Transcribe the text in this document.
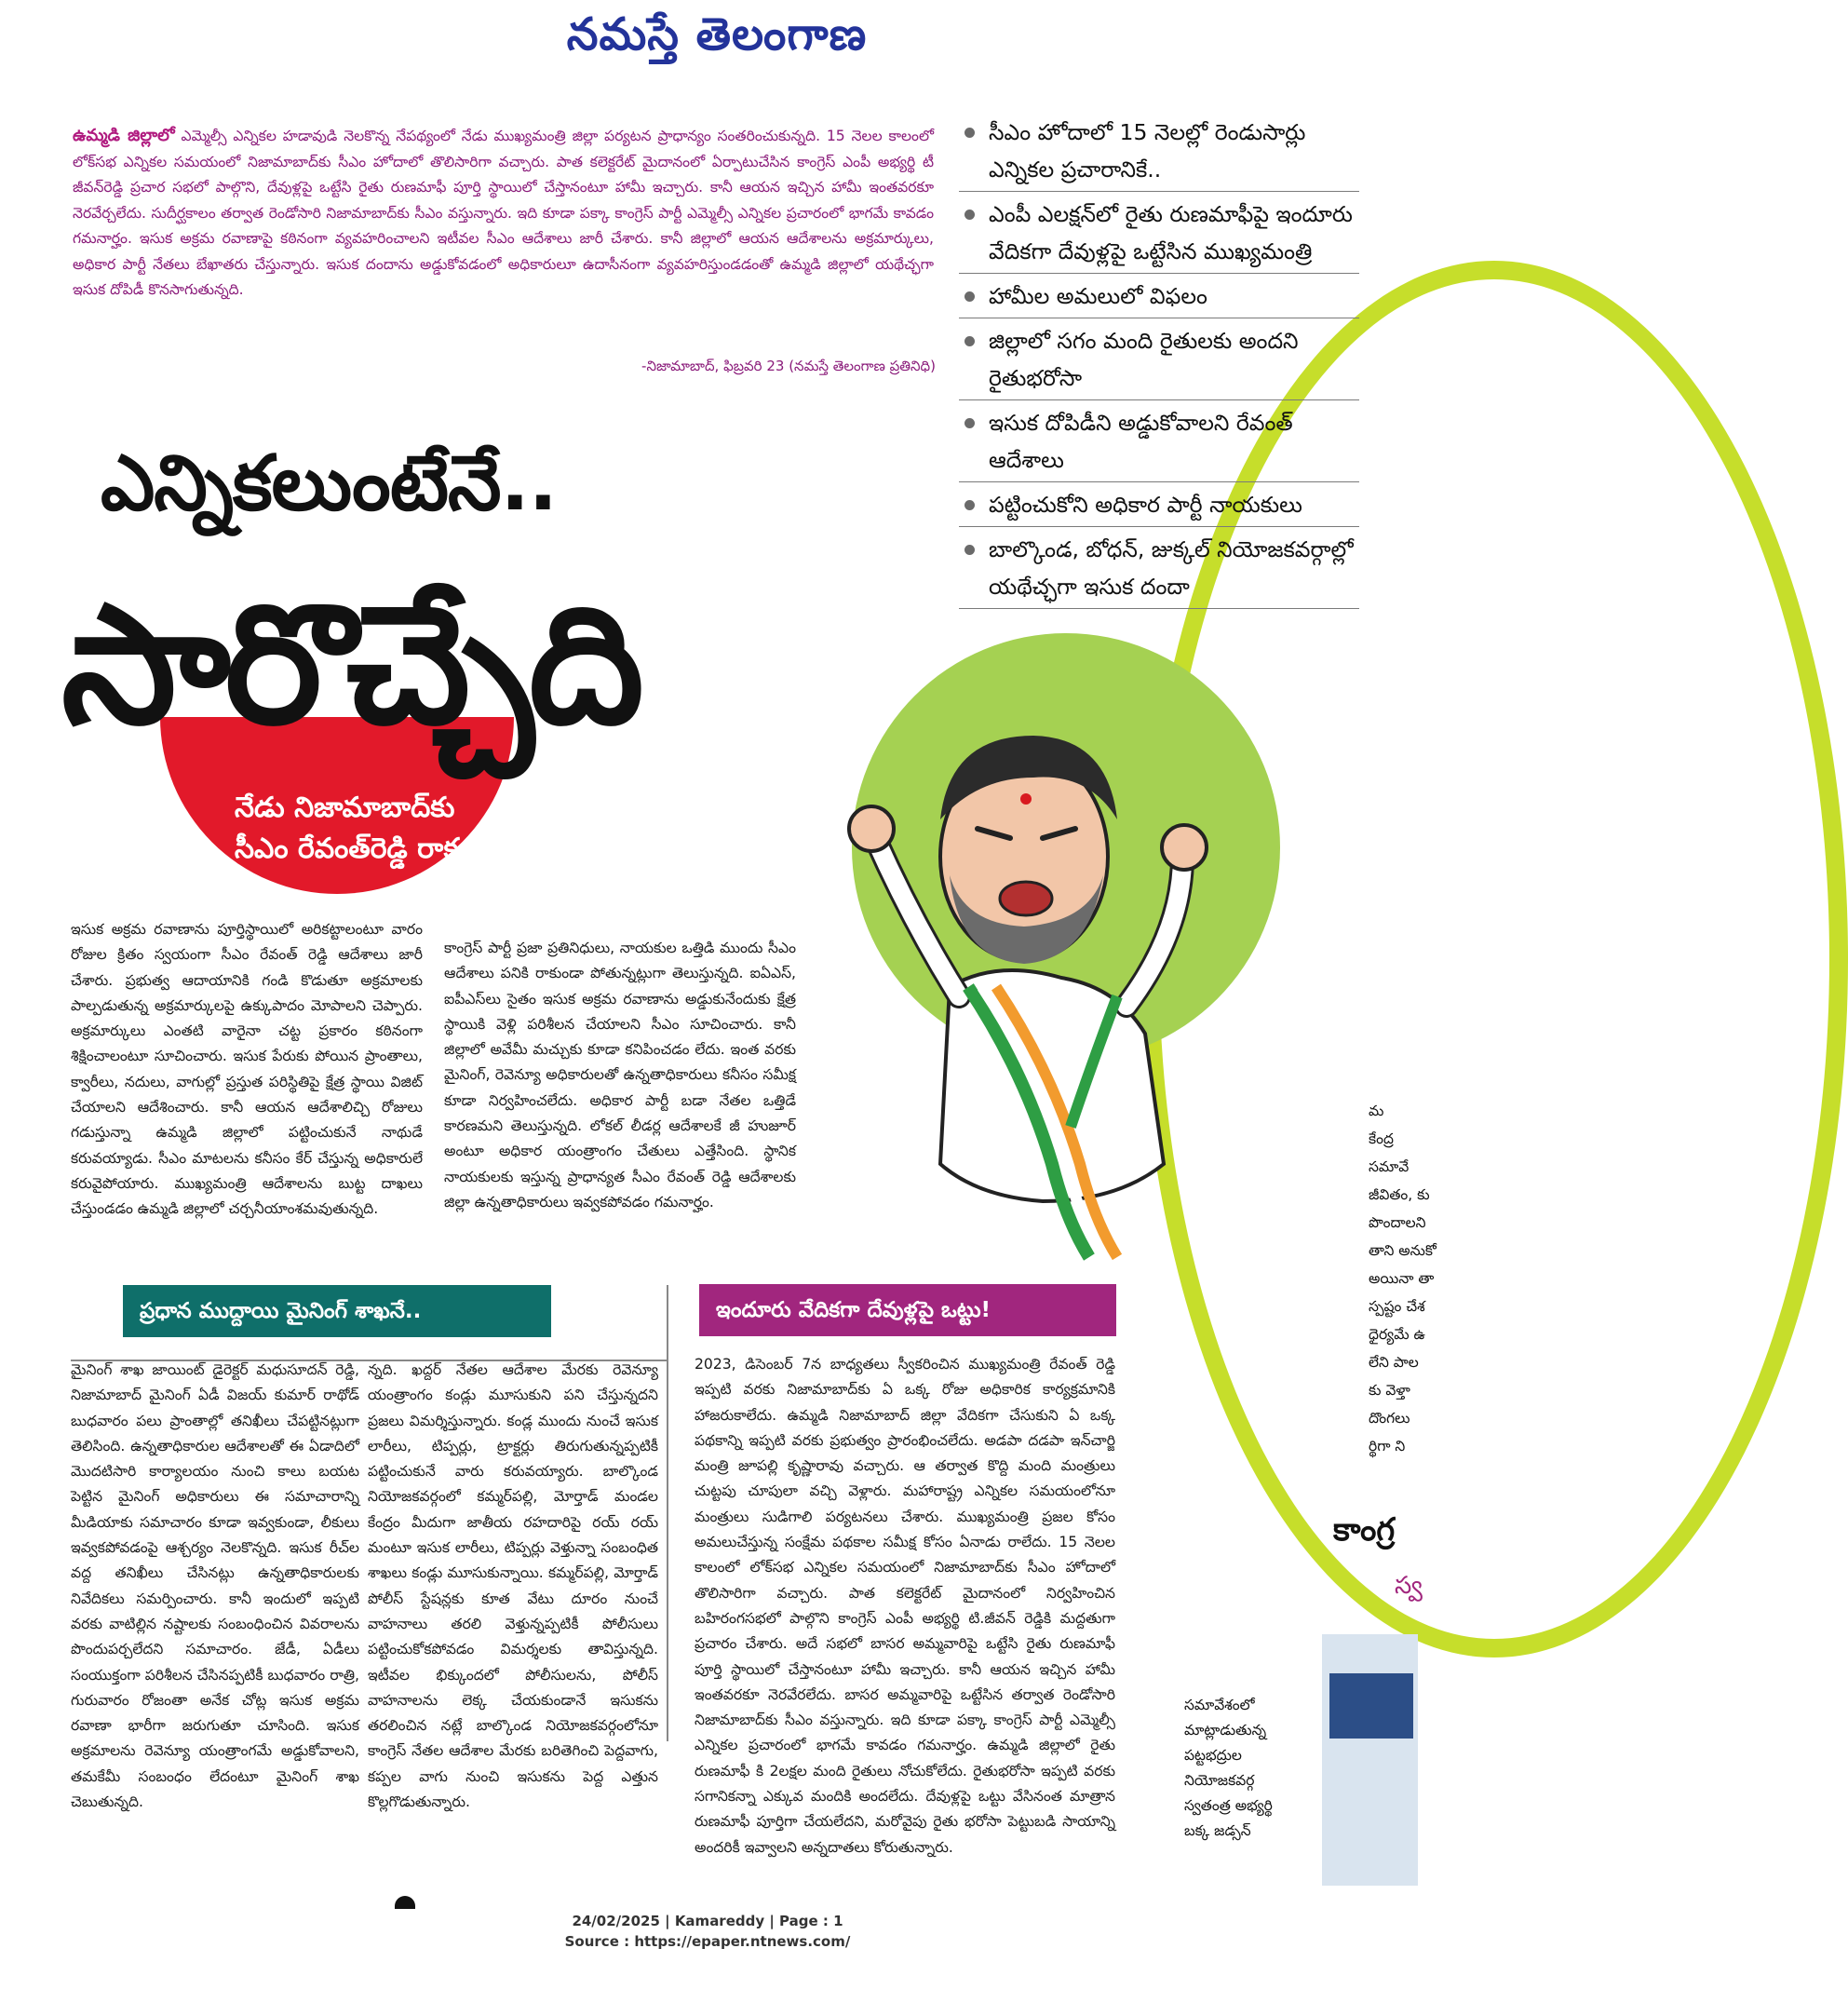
నమస్తే తెలంగాణ
ఉమ్మడి జిల్లాలో ఎమ్మెల్సీ ఎన్నికల హడావుడి నెలకొన్న నేపథ్యంలో నేడు ముఖ్యమంత్రి జిల్లా పర్యటన ప్రాధాన్యం సంతరించుకున్నది. 15 నెలల కాలంలో లోక్‌సభ ఎన్నికల సమయంలో నిజామాబాద్‌కు సీఎం హోదాలో తొలిసారిగా వచ్చారు. పాత కలెక్టరేట్ మైదానంలో ఏర్పాటుచేసిన కాంగ్రెస్ ఎంపీ అభ్యర్థి టీ జీవన్‌రెడ్డి ప్రచార సభలో పాల్గొని, దేవుళ్లపై ఒట్టేసి రైతు రుణమాఫీ పూర్తి స్థాయిలో చేస్తానంటూ హామీ ఇచ్చారు. కానీ ఆయన ఇచ్చిన హామీ ఇంతవరకూ నెరవేర్చలేదు. సుదీర్ఘకాలం తర్వాత రెండోసారి నిజామాబాద్‌కు సీఎం వస్తున్నారు. ఇది కూడా పక్కా కాంగ్రెస్ పార్టీ ఎమ్మెల్సీ ఎన్నికల ప్రచారంలో భాగమే కావడం గమనార్హం. ఇసుక అక్రమ రవాణాపై కఠినంగా వ్యవహరించాలని ఇటీవల సీఎం ఆదేశాలు జారీ చేశారు. కానీ జిల్లాలో ఆయన ఆదేశాలను అక్రమార్కులు, అధికార పార్టీ నేతలు బేఖాతరు చేస్తున్నారు. ఇసుక దందాను అడ్డుకోవడంలో అధికారులూ ఉదాసీనంగా వ్యవహరిస్తుండడంతో ఉమ్మడి జిల్లాలో యథేచ్ఛగా ఇసుక దోపిడీ కొనసాగుతున్నది.
-నిజామాబాద్, ఫిబ్రవరి 23 (నమస్తే తెలంగాణ ప్రతినిధి)
సీఎం హోదాలో 15 నెలల్లో రెండుసార్లు ఎన్నికల ప్రచారానికే..
ఎంపీ ఎలక్షన్‌లో రైతు రుణమాఫీపై ఇందూరు వేదికగా దేవుళ్లపై ఒట్టేసిన ముఖ్యమంత్రి
హామీల అమలులో విఫలం
జిల్లాలో సగం మంది రైతులకు అందని రైతుభరోసా
ఇసుక దోపిడీని అడ్డుకోవాలని రేవంత్ ఆదేశాలు
పట్టించుకోని అధికార పార్టీ నాయకులు
బాల్కొండ, బోధన్, జుక్కల్ నియోజకవర్గాల్లో యథేచ్ఛగా ఇసుక దందా
ఎన్నికలుంటేనే..
సారొచ్చేది
నేడు నిజామాబాద్‌కు
సీఎం రేవంత్‌రెడ్డి రాక
ఇసుక అక్రమ రవాణాను పూర్తిస్థాయిలో అరికట్టాలంటూ వారం రోజుల క్రితం స్వయంగా సీఎం రేవంత్ రెడ్డి ఆదేశాలు జారీ చేశారు. ప్రభుత్వ ఆదాయానికి గండి కొడుతూ అక్రమాలకు పాల్పడుతున్న అక్రమార్కులపై ఉక్కుపాదం మోపాలని చెప్పారు. అక్రమార్కులు ఎంతటి వారైనా చట్ట ప్రకారం కఠినంగా శిక్షించాలంటూ సూచించారు. ఇసుక పేరుకు పోయిన ప్రాంతాలు, క్వారీలు, నదులు, వాగుల్లో ప్రస్తుత పరిస్థితిపై క్షేత్ర స్థాయి విజిట్ చేయాలని ఆదేశించారు. కానీ ఆయన ఆదేశాలిచ్చి రోజులు గడుస్తున్నా ఉమ్మడి జిల్లాలో పట్టించుకునే నాథుడే కరువయ్యాడు. సీఎం మాటలను కనీసం కేర్ చేస్తున్న అధికారులే కరువైపోయారు. ముఖ్యమంత్రి ఆదేశాలను బుట్ట దాఖలు చేస్తుండడం ఉమ్మడి జిల్లాలో చర్చనీయాంశమవుతున్నది.
కాంగ్రెస్ పార్టీ ప్రజా ప్రతినిధులు, నాయకుల ఒత్తిడి ముందు సీఎం ఆదేశాలు పనికి రాకుండా పోతున్నట్లుగా తెలుస్తున్నది. ఐఏఎస్, ఐపీఎస్‌లు సైతం ఇసుక అక్రమ రవాణాను అడ్డుకునేందుకు క్షేత్ర స్థాయికి వెళ్లి పరిశీలన చేయాలని సీఎం సూచించారు. కానీ జిల్లాలో అవేమీ మచ్చుకు కూడా కనిపించడం లేదు. ఇంత వరకు మైనింగ్, రెవెన్యూ అధికారులతో ఉన్నతాధికారులు కనీసం సమీక్ష కూడా నిర్వహించలేదు. అధికార పార్టీ బడా నేతల ఒత్తిడే కారణమని తెలుస్తున్నది. లోకల్ లీడర్ల ఆదేశాలకే జీ హుజూర్ అంటూ అధికార యంత్రాంగం చేతులు ఎత్తేసింది. స్థానిక నాయకులకు ఇస్తున్న ప్రాధాన్యత సీఎం రేవంత్ రెడ్డి ఆదేశాలకు జిల్లా ఉన్నతాధికారులు ఇవ్వకపోవడం గమనార్హం.
ప్రధాన ముద్దాయి మైనింగ్ శాఖనే..
మైనింగ్ శాఖ జాయింట్ డైరెక్టర్ మధుసూదన్ రెడ్డి, నిజామాబాద్ మైనింగ్ ఏడీ విజయ్ కుమార్ రాథోడ్ బుధవారం పలు ప్రాంతాల్లో తనిఖీలు చేపట్టినట్లుగా తెలిసింది. ఉన్నతాధికారుల ఆదేశాలతో ఈ ఏడాదిలో మొదటిసారి కార్యాలయం నుంచి కాలు బయట పెట్టిన మైనింగ్ అధికారులు ఈ సమాచారాన్ని మీడియాకు సమాచారం కూడా ఇవ్వకుండా, లీకులు ఇవ్వకపోవడంపై ఆశ్చర్యం నెలకొన్నది. ఇసుక రీచ్‌ల వద్ద తనిఖీలు చేసినట్లు ఉన్నతాధికారులకు నివేదికలు సమర్పించారు. కానీ ఇందులో ఇప్పటి వరకు వాటిల్లిన నష్టాలకు సంబంధించిన వివరాలను పొందుపర్చలేదని సమాచారం. జేడీ, ఏడీలు సంయుక్తంగా పరిశీలన చేసినప్పటికీ బుధవారం రాత్రి, గురువారం రోజంతా అనేక చోట్ల ఇసుక అక్రమ రవాణా భారీగా జరుగుతూ చూసింది. ఇసుక అక్రమాలను రెవెన్యూ యంత్రాంగమే అడ్డుకోవాలని, తమకేమీ సంబంధం లేదంటూ మైనింగ్ శాఖ చెబుతున్నది.
న్నది. ఖద్దర్ నేతల ఆదేశాల మేరకు రెవెన్యూ యంత్రాంగం కండ్లు మూసుకుని పని చేస్తున్నదని ప్రజలు విమర్శిస్తున్నారు. కండ్ల ముందు నుంచే ఇసుక లారీలు, టిప్పర్లు, ట్రాక్టర్లు తిరుగుతున్నప్పటికీ పట్టించుకునే వారు కరువయ్యారు. బాల్కొండ నియోజకవర్గంలో కమ్మర్‌పల్లి, మోర్తాడ్ మండల కేంద్రం మీదుగా జాతీయ రహదారిపై రయ్ రయ్ మంటూ ఇసుక లారీలు, టిప్పర్లు వెళ్తున్నా సంబంధిత శాఖలు కండ్లు మూసుకున్నాయి. కమ్మర్‌పల్లి, మోర్తాడ్ పోలీస్ స్టేషన్లకు కూత వేటు దూరం నుంచే వాహనాలు తరలి వెళ్తున్నప్పటికీ పోలీసులు పట్టించుకోకపోవడం విమర్శలకు తావిస్తున్నది. ఇటీవల భిక్కుందలో పోలీసులను, పోలీస్ వాహనాలను లెక్క చేయకుండానే ఇసుకను తరలించిన నట్లే బాల్కొండ నియోజకవర్గంలోనూ కాంగ్రెస్ నేతల ఆదేశాల మేరకు బరితెగించి పెద్దవాగు, కప్పల వాగు నుంచి ఇసుకను పెద్ద ఎత్తున కొల్లగొడుతున్నారు.
ఇందూరు వేదికగా దేవుళ్లపై ఒట్టు!
2023, డిసెంబర్ 7న బాధ్యతలు స్వీకరించిన ముఖ్యమంత్రి రేవంత్ రెడ్డి ఇప్పటి వరకు నిజామాబాద్‌కు ఏ ఒక్క రోజు అధికారిక కార్యక్రమానికి హాజరుకాలేదు. ఉమ్మడి నిజామాబాద్ జిల్లా వేదికగా చేసుకుని ఏ ఒక్క పథకాన్ని ఇప్పటి వరకు ప్రభుత్వం ప్రారంభించలేదు. అడపా దడపా ఇన్‌చార్జి మంత్రి జూపల్లి కృష్ణారావు వచ్చారు. ఆ తర్వాత కొద్ది మంది మంత్రులు చుట్టపు చూపులా వచ్చి వెళ్లారు. మహారాష్ట్ర ఎన్నికల సమయంలోనూ మంత్రులు సుడిగాలి పర్యటనలు చేశారు. ముఖ్యమంత్రి ప్రజల కోసం అమలుచేస్తున్న సంక్షేమ పథకాల సమీక్ష కోసం ఏనాడు రాలేదు. 15 నెలల కాలంలో లోక్‌సభ ఎన్నికల సమయంలో నిజామాబాద్‌కు సీఎం హోదాలో తొలిసారిగా వచ్చారు. పాత కలెక్టరేట్ మైదానంలో నిర్వహించిన బహిరంగసభలో పాల్గొని కాంగ్రెస్ ఎంపీ అభ్యర్థి టి.జీవన్ రెడ్డికి మద్దతుగా ప్రచారం చేశారు. అదే సభలో బాసర అమ్మవారిపై ఒట్టేసి రైతు రుణమాఫీ పూర్తి స్థాయిలో చేస్తానంటూ హామీ ఇచ్చారు. కానీ ఆయన ఇచ్చిన హామీ ఇంతవరకూ నెరవేరలేదు. బాసర అమ్మవారిపై ఒట్టేసిన తర్వాత రెండోసారి నిజామాబాద్‌కు సీఎం వస్తున్నారు. ఇది కూడా పక్కా కాంగ్రెస్ పార్టీ ఎమ్మెల్సీ ఎన్నికల ప్రచారంలో భాగమే కావడం గమనార్హం. ఉమ్మడి జిల్లాలో రైతు రుణమాఫీ కి 2లక్షల మంది రైతులు నోచుకోలేదు. రైతుభరోసా ఇప్పటి వరకు సగానికన్నా ఎక్కువ మందికి అందలేదు. దేవుళ్లపై ఒట్టు వేసినంత మాత్రాన రుణమాఫీ పూర్తిగా చేయలేదని, మరోవైపు రైతు భరోసా పెట్టుబడి సాయాన్ని అందరికీ ఇవ్వాలని అన్నదాతలు కోరుతున్నారు.
మ
కేంద్ర
సమావే
జీవితం, కు
పొందాలని
తాని అనుకో
అయినా తా
స్పష్టం చేశ
ధైర్యమే ఉ
లేని పాల
కు వెళ్తా
దొంగలు
ర్థిగా ని
కాంగ్ర
స్వ
సమావేశంలో మాట్లాడుతున్న పట్టభద్రుల నియోజకవర్గ స్వతంత్ర అభ్యర్థి బక్క జడ్సన్
24/02/2025 | Kamareddy | Page : 1
Source : https://epaper.ntnews.com/
